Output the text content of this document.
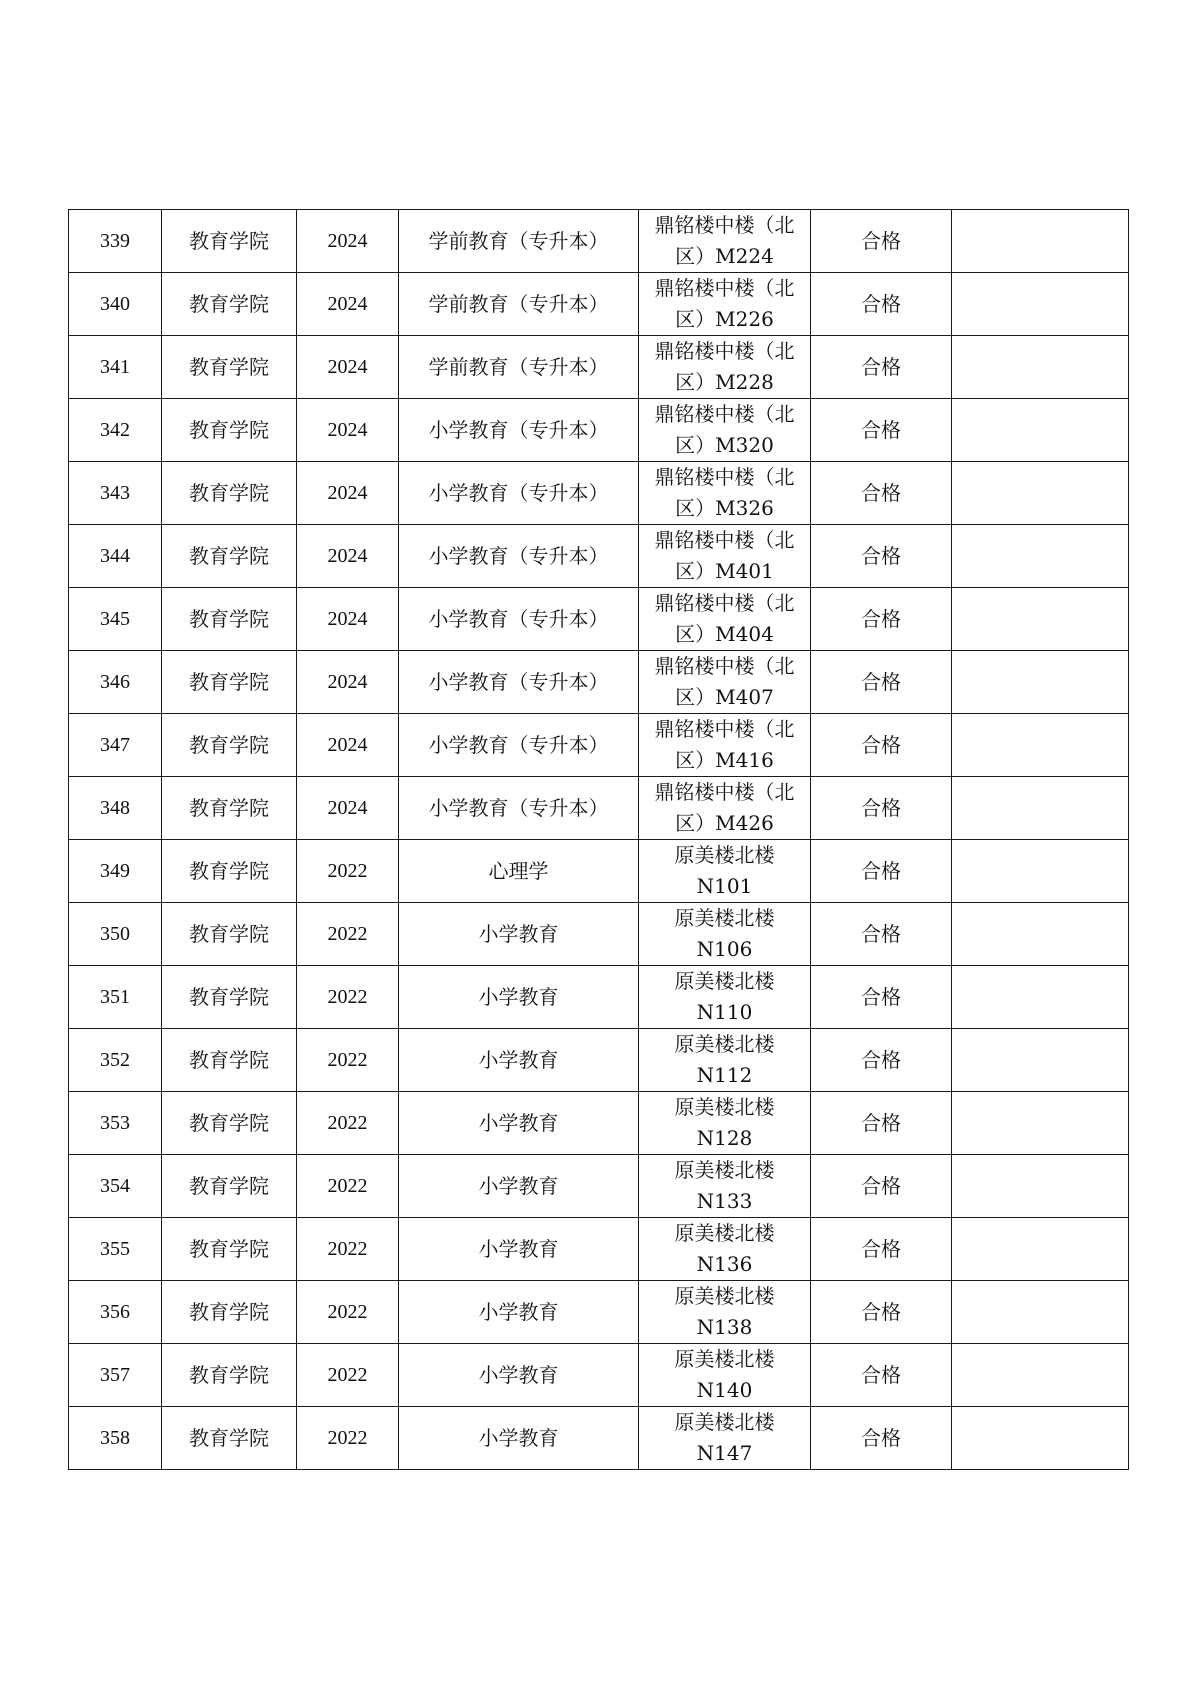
339	教育学院	2024	学前教育（专升本）	鼎铭楼中楼（北
区）M224	合格	
340	教育学院	2024	学前教育（专升本）	鼎铭楼中楼（北
区）M226	合格	
341	教育学院	2024	学前教育（专升本）	鼎铭楼中楼（北
区）M228	合格	
342	教育学院	2024	小学教育（专升本）	鼎铭楼中楼（北
区）M320	合格	
343	教育学院	2024	小学教育（专升本）	鼎铭楼中楼（北
区）M326	合格	
344	教育学院	2024	小学教育（专升本）	鼎铭楼中楼（北
区）M401	合格	
345	教育学院	2024	小学教育（专升本）	鼎铭楼中楼（北
区）M404	合格	
346	教育学院	2024	小学教育（专升本）	鼎铭楼中楼（北
区）M407	合格	
347	教育学院	2024	小学教育（专升本）	鼎铭楼中楼（北
区）M416	合格	
348	教育学院	2024	小学教育（专升本）	鼎铭楼中楼（北
区）M426	合格	
349	教育学院	2022	心理学	原美楼北楼
N101	合格	
350	教育学院	2022	小学教育	原美楼北楼
N106	合格	
351	教育学院	2022	小学教育	原美楼北楼
N110	合格	
352	教育学院	2022	小学教育	原美楼北楼
N112	合格	
353	教育学院	2022	小学教育	原美楼北楼
N128	合格	
354	教育学院	2022	小学教育	原美楼北楼
N133	合格	
355	教育学院	2022	小学教育	原美楼北楼
N136	合格	
356	教育学院	2022	小学教育	原美楼北楼
N138	合格	
357	教育学院	2022	小学教育	原美楼北楼
N140	合格	
358	教育学院	2022	小学教育	原美楼北楼
N147	合格	
